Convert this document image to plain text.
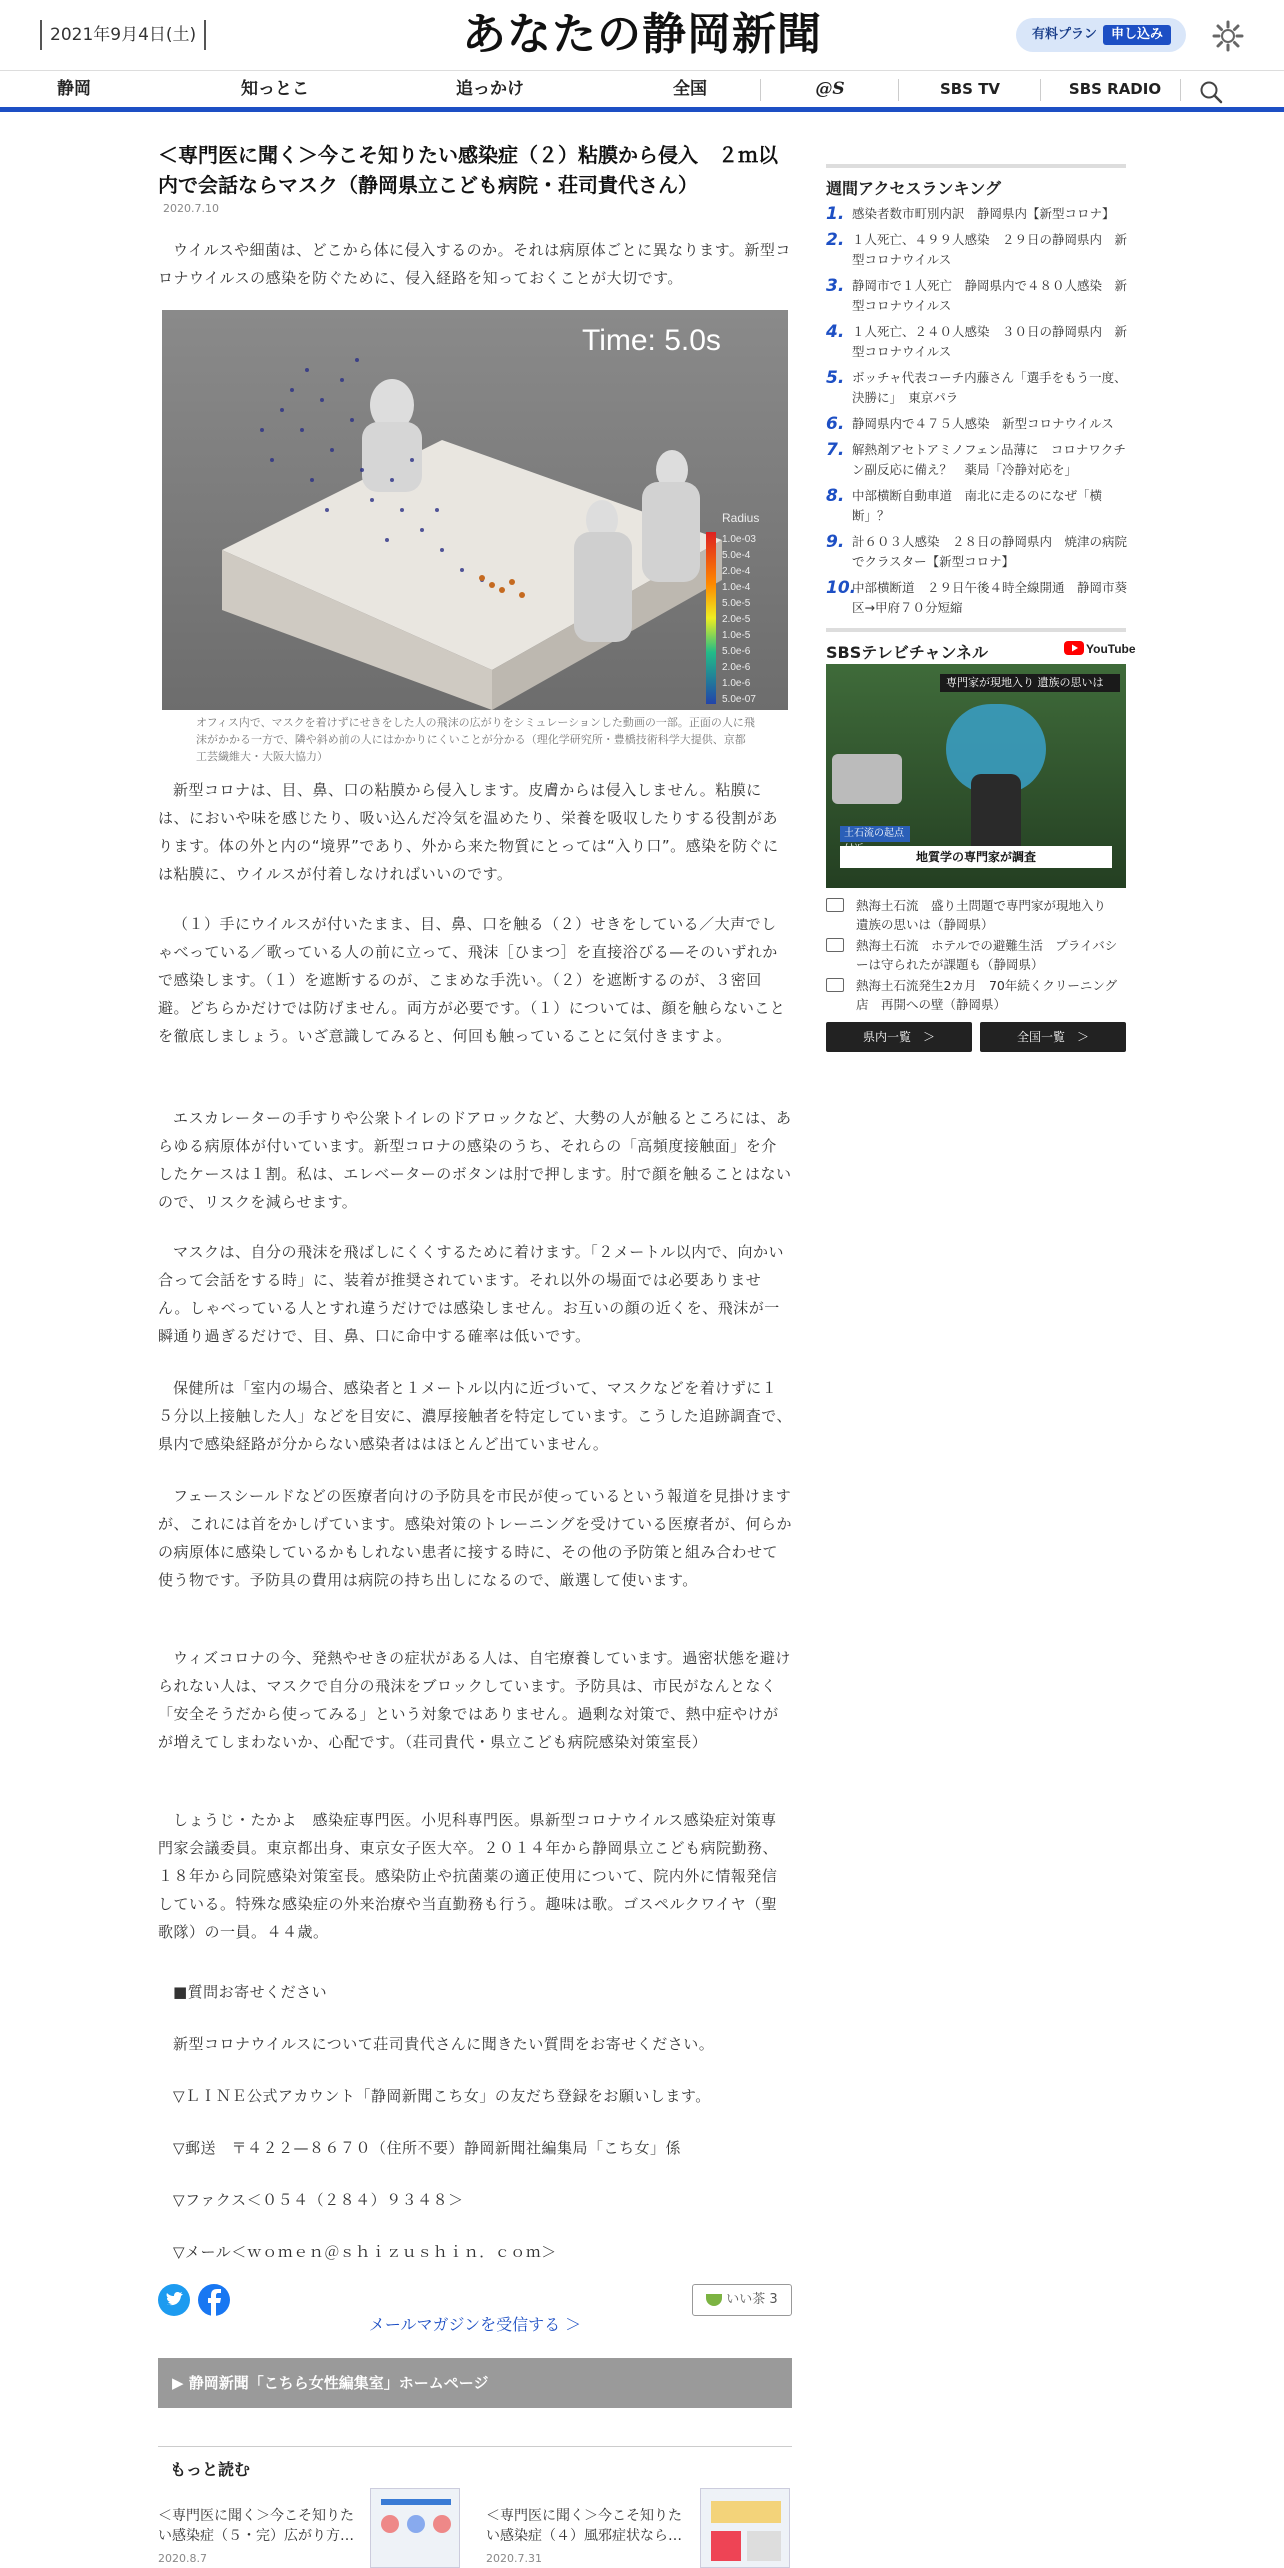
2021年9月4日(土)	あなたの静岡新聞	有料プラン 申し込み
静岡	知っとこ	追っかけ	全国	@S	SBS TV	SBS RADIO
＜専門医に聞く＞今こそ知りたい感染症（２）粘膜から侵入　２ｍ以内で会話ならマスク（静岡県立こども病院・荘司貴代さん）
2020.7.10

ウイルスや細菌は、どこから体に侵入するのか。それは病原体ごとに異なります。新型コロナウイルスの感染を防ぐために、侵入経路を知っておくことが大切です。

Time: 5.0s
Radius
1.0e-03
5.0e-4
2.0e-4
1.0e-4
5.0e-5
2.0e-5
1.0e-5
5.0e-6
2.0e-6
1.0e-6
5.0e-07
オフィス内で、マスクを着けずにせきをした人の飛沫の広がりをシミュレーションした動画の一部。正面の人に飛沫がかかる一方で、隣や斜め前の人にはかかりにくいことが分かる（理化学研究所・豊橋技術科学大提供、京都工芸繊維大・大阪大協力）

新型コロナは、目、鼻、口の粘膜から侵入します。皮膚からは侵入しません。粘膜には、においや味を感じたり、吸い込んだ冷気を温めたり、栄養を吸収したりする役割があります。体の外と内の“境界”であり、外から来た物質にとっては“入り口”。感染を防ぐには粘膜に、ウイルスが付着しなければいいのです。

（１）手にウイルスが付いたまま、目、鼻、口を触る（２）せきをしている／大声でしゃべっている／歌っている人の前に立って、飛沫［ひまつ］を直接浴びる—そのいずれかで感染します。（１）を遮断するのが、こまめな手洗い。（２）を遮断するのが、３密回避。どちらかだけでは防げません。両方が必要です。（１）については、顔を触らないことを徹底しましょう。いざ意識してみると、何回も触っていることに気付きますよ。

エスカレーターの手すりや公衆トイレのドアロックなど、大勢の人が触るところには、あらゆる病原体が付いています。新型コロナの感染のうち、それらの「高頻度接触面」を介したケースは１割。私は、エレベーターのボタンは肘で押します。肘で顔を触ることはないので、リスクを減らせます。

マスクは、自分の飛沫を飛ばしにくくするために着けます。「２メートル以内で、向かい合って会話をする時」に、装着が推奨されています。それ以外の場面では必要ありません。しゃべっている人とすれ違うだけでは感染しません。お互いの顔の近くを、飛沫が一瞬通り過ぎるだけで、目、鼻、口に命中する確率は低いです。

保健所は「室内の場合、感染者と１メートル以内に近づいて、マスクなどを着けずに１５分以上接触した人」などを目安に、濃厚接触者を特定しています。こうした追跡調査で、県内で感染経路が分からない感染者ははほとんど出ていません。

フェースシールドなどの医療者向けの予防具を市民が使っているという報道を見掛けますが、これには首をかしげています。感染対策のトレーニングを受けている医療者が、何らかの病原体に感染しているかもしれない患者に接する時に、その他の予防策と組み合わせて使う物です。予防具の費用は病院の持ち出しになるので、厳選して使います。

ウィズコロナの今、発熱やせきの症状がある人は、自宅療養しています。過密状態を避けられない人は、マスクで自分の飛沫をブロックしています。予防具は、市民がなんとなく「安全そうだから使ってみる」という対象ではありません。過剰な対策で、熱中症やけがが増えてしまわないか、心配です。（荘司貴代・県立こども病院感染対策室長）

しょうじ・たかよ　感染症専門医。小児科専門医。県新型コロナウイルス感染症対策専門家会議委員。東京都出身、東京女子医大卒。２０１４年から静岡県立こども病院勤務、１８年から同院感染対策室長。感染防止や抗菌薬の適正使用について、院内外に情報発信している。特殊な感染症の外来治療や当直勤務も行う。趣味は歌。ゴスペルクワイヤ（聖歌隊）の一員。４４歳。

■質問お寄せください

新型コロナウイルスについて荘司貴代さんに聞きたい質問をお寄せください。

▽ＬＩＮＥ公式アカウント「静岡新聞こち女」の友だち登録をお願いします。

▽郵送　〒４２２—８６７０（住所不要）静岡新聞社編集局「こち女」係

▽ファクス＜０５４（２８４）９３４８＞

▽メール＜ｗｏｍｅｎ＠ｓｈｉｚｕｓｈｉｎ．ｃｏｍ＞

いい茶 3
メールマガジンを受信する ＞
▶ 静岡新聞「こちら女性編集室」ホームページ
もっと読む
＜専門医に聞く＞今こそ知りたい感染症（５・完）広がり方…
2020.8.7
＜専門医に聞く＞今こそ知りたい感染症（４）風邪症状なら…
2020.7.31
週間アクセスランキング
1. 感染者数市町別内訳　静岡県内【新型コロナ】
2. １人死亡、４９９人感染　２９日の静岡県内　新型コロナウイルス
3. 静岡市で１人死亡　静岡県内で４８０人感染　新型コロナウイルス
4. １人死亡、２４０人感染　３０日の静岡県内　新型コロナウイルス
5. ボッチャ代表コーチ内藤さん「選手をもう一度、決勝に」　東京パラ
6. 静岡県内で４７５人感染　新型コロナウイルス
7. 解熱剤アセトアミノフェン品薄に　コロナワクチン副反応に備え？　薬局「冷静対応を」
8. 中部横断自動車道　南北に走るのになぜ「横断」？
9. 計６０３人感染　２８日の静岡県内　焼津の病院でクラスター【新型コロナ】
10.
中部横断道　２９日午後４時全線開通　静岡市葵区→甲府７０分短縮
SBSテレビチャンネル	YouTube
専門家が現地入り 遺族の思いは
土石流の起点
地質学の専門家が調査
熱海土石流　盛り土問題で専門家が現地入り　遺族の思いは（静岡県）
熱海土石流　ホテルでの避難生活　プライバシーは守られたが課題も（静岡県）
熱海土石流発生2カ月　70年続くクリーニング店　再開への壁（静岡県）
県内一覧　＞	全国一覧　＞
